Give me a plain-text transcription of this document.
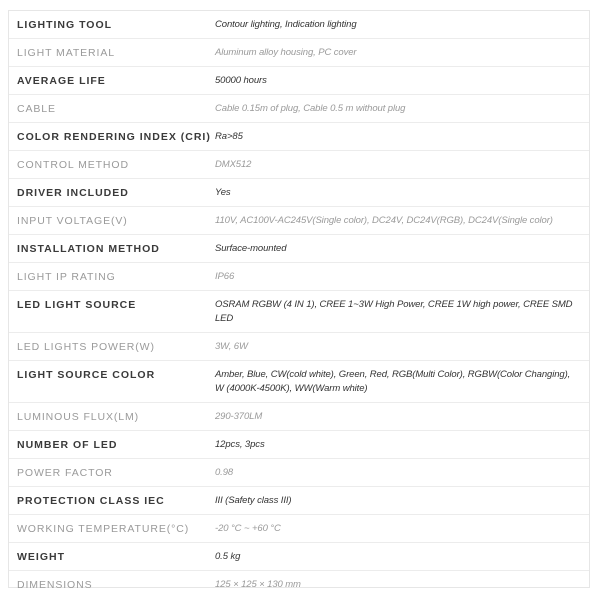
LIGHTING TOOL	Contour lighting, Indication lighting
LIGHT MATERIAL	Aluminum alloy housing, PC cover
AVERAGE LIFE	50000 hours
CABLE	Cable 0.15m of plug, Cable 0.5 m without plug
COLOR RENDERING INDEX (CRI)	Ra>85
CONTROL METHOD	DMX512
DRIVER INCLUDED	Yes
INPUT VOLTAGE(V)	110V, AC100V-AC245V(Single color), DC24V, DC24V(RGB), DC24V(Single color)
INSTALLATION METHOD	Surface-mounted
LIGHT IP RATING	IP66
LED LIGHT SOURCE	OSRAM RGBW (4 IN 1), CREE 1~3W High Power, CREE 1W high power, CREE SMD LED
LED LIGHTS POWER(W)	3W, 6W
LIGHT SOURCE COLOR	Amber, Blue, CW(cold white), Green, Red, RGB(Multi Color), RGBW(Color Changing), W (4000K-4500K), WW(Warm white)
LUMINOUS FLUX(LM)	290-370LM
NUMBER OF LED	12pcs, 3pcs
POWER FACTOR	0.98
PROTECTION CLASS IEC	III (Safety class III)
WORKING TEMPERATURE(°C)	-20 °C ~ +60 °C
WEIGHT	0.5 kg
DIMENSIONS	125 × 125 × 130 mm
